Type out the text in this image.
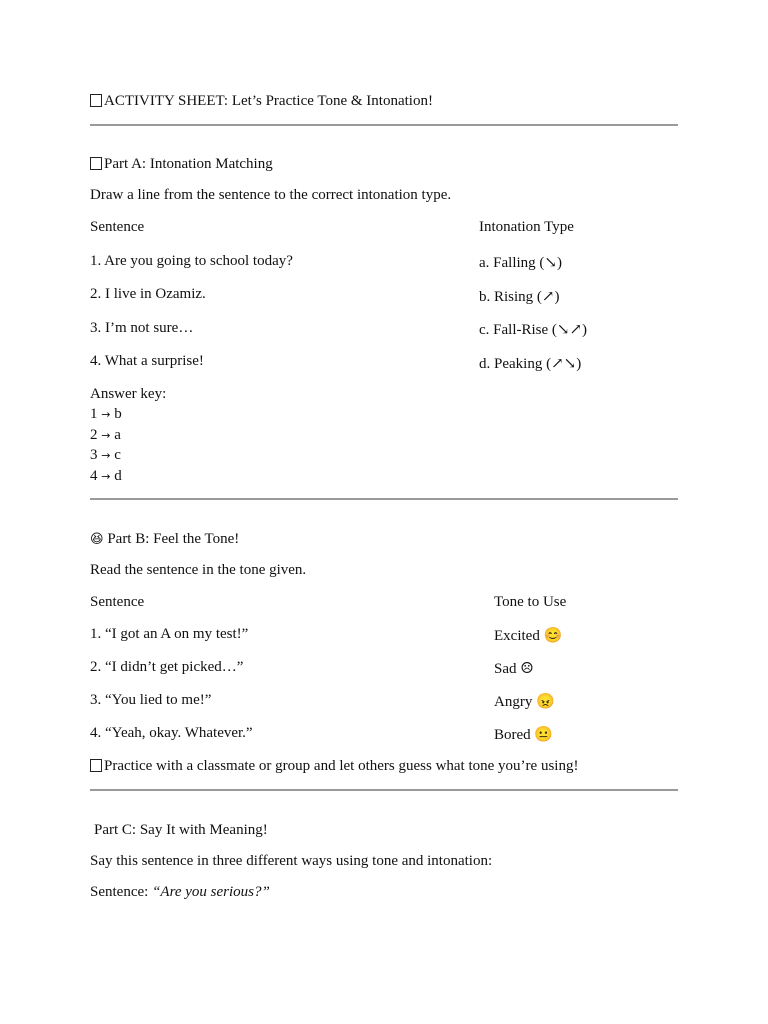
ACTIVITY SHEET: Let’s Practice Tone & Intonation!
Part A: Intonation Matching
Draw a line from the sentence to the correct intonation type.
Sentence	Intonation Type
1. Are you going to school today?	a. Falling (↘)
2. I live in Ozamiz.	b. Rising (↗)
3. I’m not sure…	c. Fall-Rise (↘↗)
4. What a surprise!	d. Peaking (↗↘)
Answer key:
1 → b
2 → a
3 → c
4 → d
😆 Part B: Feel the Tone!
Read the sentence in the tone given.
Sentence	Tone to Use
1. “I got an A on my test!”	Excited 😊
2. “I didn’t get picked…”	Sad ☹
3. “You lied to me!”	Angry 😠
4. “Yeah, okay. Whatever.”	Bored 😐
Practice with a classmate or group and let others guess what tone you’re using!
Part C: Say It with Meaning!
Say this sentence in three different ways using tone and intonation:
Sentence: “Are you serious?”
